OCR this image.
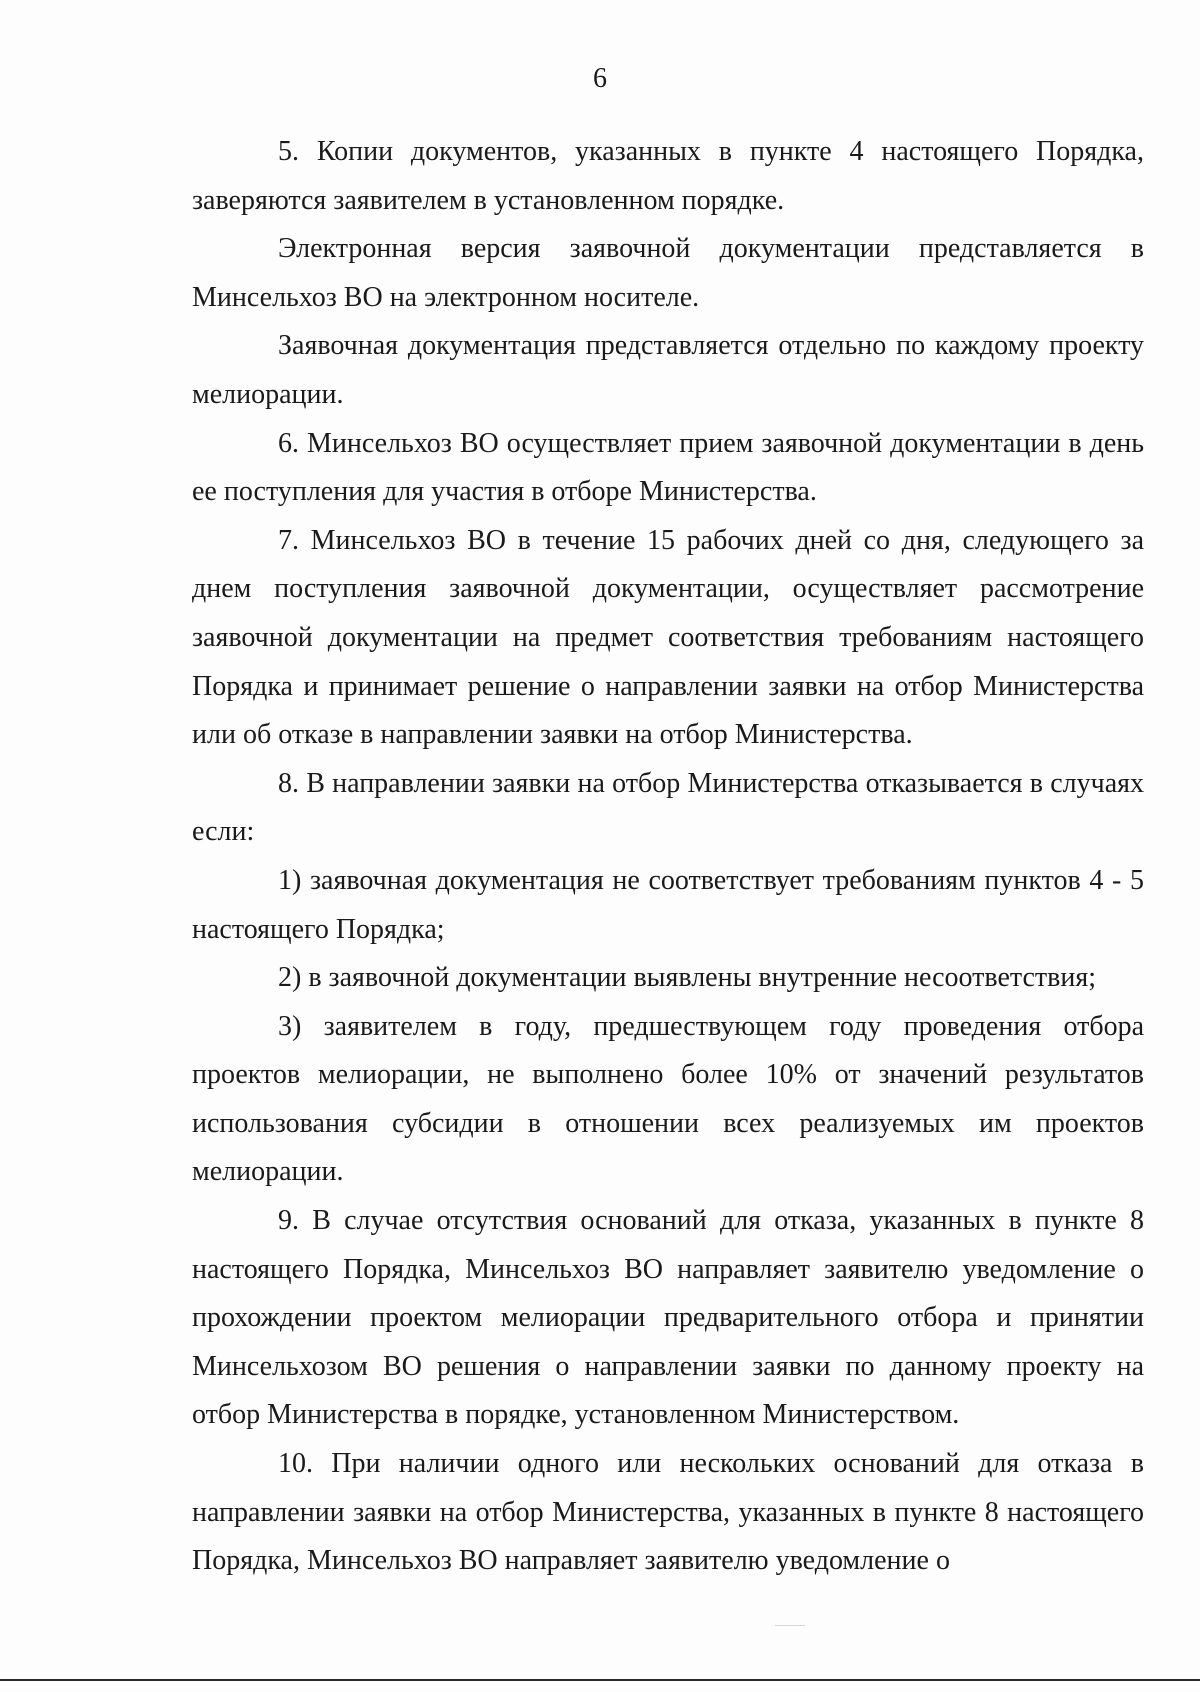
6

5. Копии документов, указанных в пункте 4 настоящего Порядка, заверяются заявителем в установленном порядке.

Электронная версия заявочной документации представляется в Минсельхоз ВО на электронном носителе.

Заявочная документация представляется отдельно по каждому проекту мелиорации.

6. Минсельхоз ВО осуществляет прием заявочной документации в день ее поступления для участия в отборе Министерства.

7. Минсельхоз ВО в течение 15 рабочих дней со дня, следующего за днем поступления заявочной документации, осуществляет рассмотрение заявочной документации на предмет соответствия требованиям настоящего Порядка и принимает решение о направлении заявки на отбор Министерства или об отказе в направлении заявки на отбор Министерства.

8. В направлении заявки на отбор Министерства отказывается в случаях если:

1) заявочная документация не соответствует требованиям пунктов 4 - 5 настоящего Порядка;

2) в заявочной документации выявлены внутренние несоответствия;

3) заявителем в году, предшествующем году проведения отбора проектов мелиорации, не выполнено более 10% от значений результатов использования субсидии в отношении всех реализуемых им проектов мелиорации.

9. В случае отсутствия оснований для отказа, указанных в пункте 8 настоящего Порядка, Минсельхоз ВО направляет заявителю уведомление о прохождении проектом мелиорации предварительного отбора и принятии Минсельхозом ВО решения о направлении заявки по данному проекту на отбор Министерства в порядке, установленном Министерством.

10. При наличии одного или нескольких оснований для отказа в направлении заявки на отбор Министерства, указанных в пункте 8 настоящего Порядка, Минсельхоз ВО направляет заявителю уведомление о
